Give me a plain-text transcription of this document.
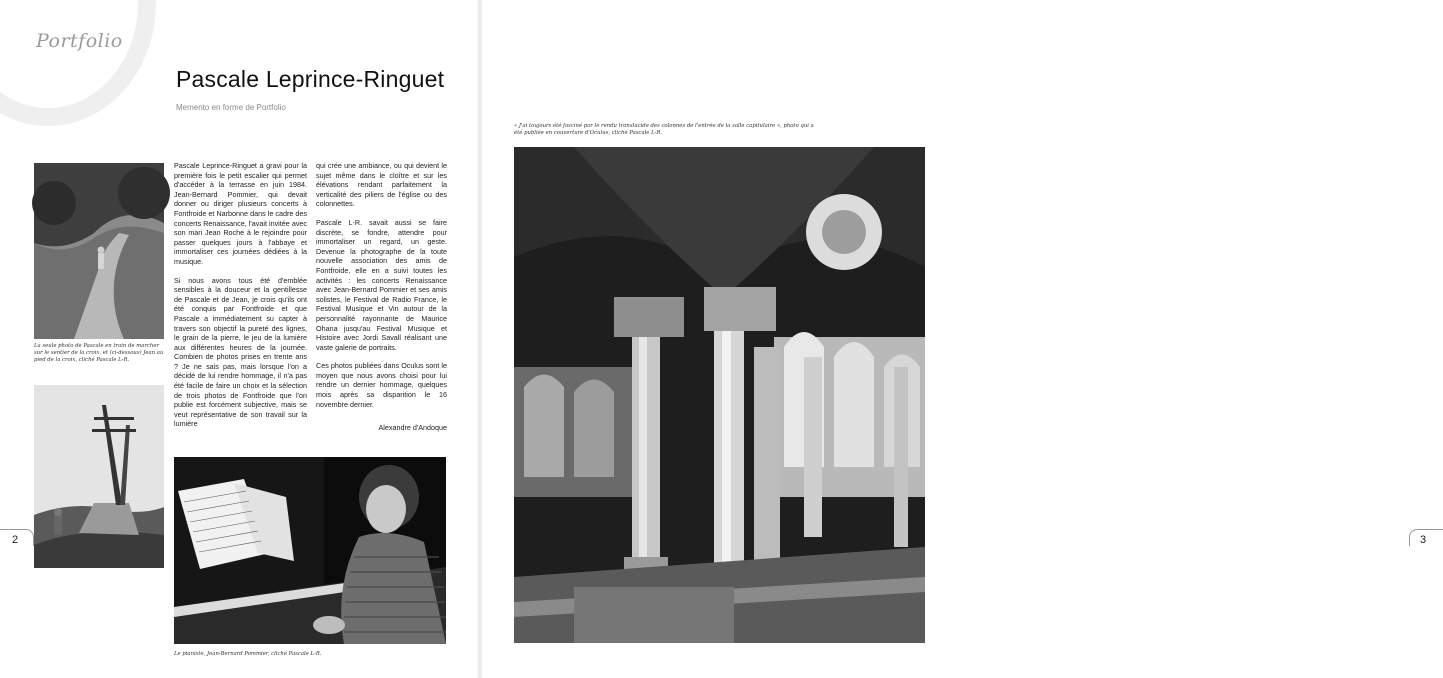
Portfolio
Pascale Leprince-Ringuet
Memento en forme de Portfolio
La seule photo de Pascale en train de marcher sur le sentier de la croix. et (ci-dessous) Jean au pied de la croix, cliché Pascale L-R.

Pascale Leprince-Ringuet a gravi pour la première fois le petit escalier qui permet d'accéder à la terrasse en juin 1984. Jean-Bernard Pommier, qui devait donner ou diriger plusieurs concerts à Fontfroide et Narbonne dans le cadre des concerts Renaissance, l'avait invitée avec son mari Jean Roche à le rejoindre pour passer quelques jours à l'abbaye et immortaliser ces journées dédiées à la musique.

Si nous avons tous été d'emblée sensibles à la douceur et la gentillesse de Pascale et de Jean, je crois qu'ils ont été conquis par Fontfroide et que Pascale a immédiatement su capter à travers son objectif la pureté des lignes, le grain de la pierre, le jeu de la lumière aux différentes heures de la journée. Combien de photos prises en trente ans ? Je ne sais pas, mais lorsque l'on a décidé de lui rendre hommage, il n'a pas été facile de faire un choix et la sélection de trois photos de Fontfroide que l'on publie est forcément subjective, mais se veut représentative de son travail sur la lumière

qui crée une ambiance, ou qui devient le sujet même dans le cloître et sur les élévations rendant parfaitement la verticalité des piliers de l'église ou des colonnettes.

Pascale L-R. savait aussi se faire discrète, se fondre, attendre pour immortaliser un regard, un geste. Devenue la photographe de la toute nouvelle association des amis de Fontfroide, elle en a suivi toutes les activités : les concerts Renaissance avec Jean-Bernard Pommier et ses amis solistes, le Festival de Radio France, le Festival Musique et Vin autour de la personnalité rayonnante de Maurice Ohana jusqu'au Festival Musique et Histoire avec Jordi Savall réalisant une vaste galerie de portraits.

Ces photos publiées dans Oculus sont le moyen que nous avons choisi pour lui rendre un dernier hommage, quelques mois après sa disparition le 16 novembre dernier.

Alexandre d'Andoque
Le pianiste, Jean-Bernard Pommier, cliché Pascale L-R.
2	3
« J'ai toujours été fasciné par le rendu translucide des colonnes de l'entrée de la salle capitulaire », photo qui a été publiée en couverture d'Oculus, cliché Pascale L-R.
